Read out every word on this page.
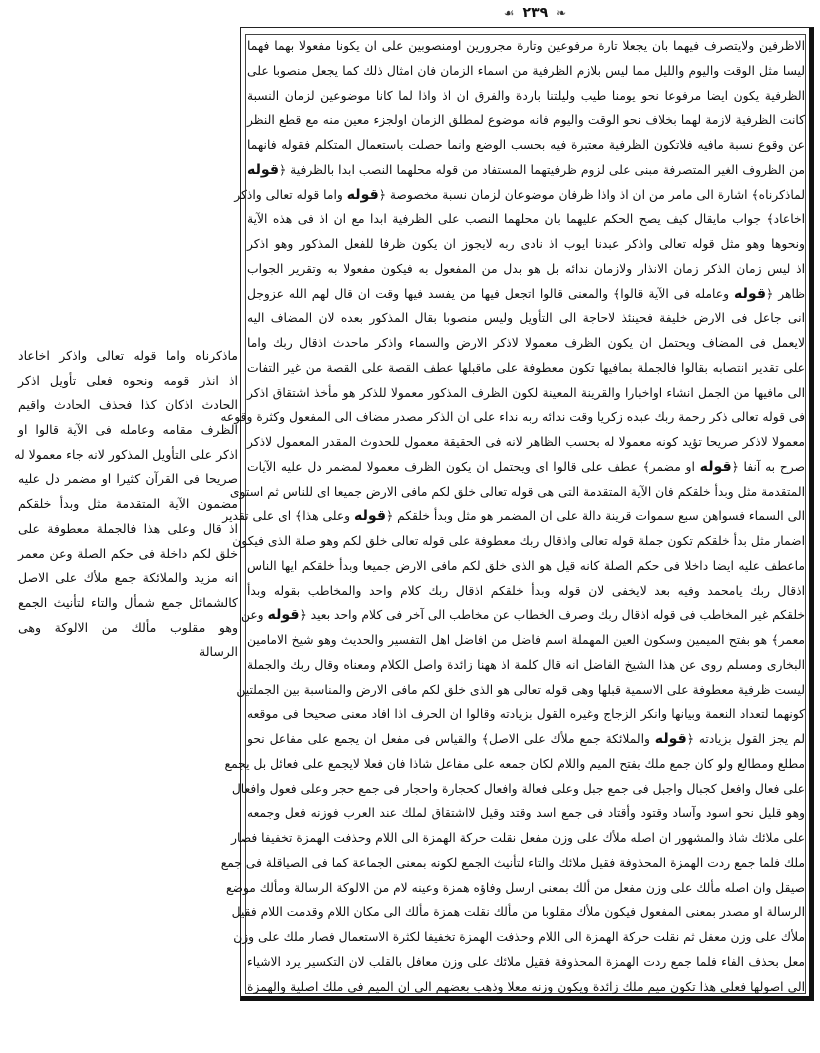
❧
٢٣٩
☙
الاظرفين ولايتصرف فيهما بان يجعلا تارة مرفوعين وتارة مجرورين اومنصوبين على ان يكونا مفعولا بهما فهما
ليسا مثل الوقت واليوم والليل مما ليس بلازم الظرفية من اسماء الزمان فان امثال ذلك كما يجعل منصوبا على
الظرفية يكون ايضا مرفوعا نحو يومنا طيب وليلتنا باردة والفرق ان اذ واذا لما كانا موضوعين لزمان النسبة
كانت الظرفية لازمة لهما بخلاف نحو الوقت واليوم فانه موضوع لمطلق الزمان اولجزء معين منه مع قطع النظر
عن وقوع نسبة مافيه فلاتكون الظرفية معتبرة فيه بحسب الوضع وانما حصلت باستعمال المتكلم فقوله فانهما
من الظروف الغير المتصرفة مبنى على لزوم ظرفيتهما المستفاد من قوله محلهما النصب ابدا بالظرفية ﴿قوله
لماذكرناه﴾ اشارة الى مامر من ان اذ واذا ظرفان موضوعان لزمان نسبة مخصوصة ﴿قوله واما قوله تعالى واذكر
اخاعاد﴾ جواب مايقال كيف يصح الحكم عليهما بان محلهما النصب على الظرفية ابدا مع ان اذ فى هذه الآية
ونحوها وهو مثل قوله تعالى واذكر عبدنا ايوب اذ نادى ربه لايجوز ان يكون ظرفا للفعل المذكور وهو اذكر
اذ ليس زمان الذكر زمان الانذار ولازمان ندائه بل هو بدل من المفعول به فيكون مفعولا به وتقرير الجواب
ظاهر ﴿قوله وعامله فى الآية قالوا﴾ والمعنى قالوا اتجعل فيها من يفسد فيها وقت ان قال لهم الله عزوجل
انى جاعل فى الارض خليفة فحينئذ لاحاجة الى التأويل وليس منصوبا بقال المذكور بعده لان المضاف اليه
لايعمل فى المضاف ويحتمل ان يكون الظرف معمولا لاذكر الارض والسماء واذكر ماحدث اذقال ربك واما
على تقدير انتصابه بقالوا فالجملة بمافيها تكون معطوفة على ماقبلها عطف القصة على القصة من غير التفات
الى مافيها من الجمل انشاء اواخبارا والقرينة المعينة لكون الظرف المذكور معمولا للذكر هو مأخذ اشتقاق اذكر
فى قوله تعالى ذكر رحمة ربك عبده زكريا وقت ندائه ربه نداء على ان الذكر مصدر مضاف الى المفعول وكثرة وقوعه
معمولا لاذكر صريحا تؤيد كونه معمولا له بحسب الظاهر لانه فى الحقيقة معمول للحدوث المقدر المعمول لاذكر
صرح به آنفا ﴿قوله او مضمر﴾ عطف على قالوا اى ويحتمل ان يكون الظرف معمولا لمضمر دل عليه الآيات
المتقدمة مثل وبدأ خلقكم فان الآية المتقدمة التى هى قوله تعالى خلق لكم مافى الارض جميعا اى للناس ثم استوى
الى السماء فسواهن سبع سموات قرينة دالة على ان المضمر هو مثل وبدأ خلقكم ﴿قوله وعلى هذا﴾ اى على تقدير
اضمار مثل بدأ خلقكم تكون جملة قوله تعالى واذقال ربك معطوفة على قوله تعالى خلق لكم وهو صلة الذى فيكون
ماعطف عليه ايضا داخلا فى حكم الصلة كانه قيل هو الذى خلق لكم مافى الارض جميعا وبدأ خلقكم ايها الناس
اذقال ربك يامحمد وفيه بعد لايخفى لان قوله وبدأ خلقكم اذقال ربك كلام واحد والمخاطب بقوله وبدأ
خلقكم غير المخاطب فى قوله اذقال ربك وصرف الخطاب عن مخاطب الى آخر فى كلام واحد بعيد ﴿قوله وعن
معمر﴾ هو بفتح الميمين وسكون العين المهملة اسم فاضل من افاضل اهل التفسير والحديث وهو شيخ الامامين
البخارى ومسلم روى عن هذا الشيخ الفاضل انه قال كلمة اذ ههنا زائدة واصل الكلام ومعناه وقال ربك والجملة
ليست ظرفية معطوفة على الاسمية قبلها وهى قوله تعالى هو الذى خلق لكم مافى الارض والمناسبة بين الجملتين
كونهما لتعداد النعمة وبيانها وانكر الزجاج وغيره القول بزيادته وقالوا ان الحرف اذا افاد معنى صحيحا فى موقعه
لم يجز القول بزيادته ﴿قوله والملائكة جمع ملأك على الاصل﴾ والقياس فى مفعل ان يجمع على مفاعل نحو
مطلع ومطالع ولو كان جمع ملك بفتح الميم واللام لكان جمعه على مفاعل شاذا فان فعلا لايجمع على فعائل بل يجمع
على فعال وافعل كجبال واجبل فى جمع جبل وعلى فعالة وافعال كحجارة واحجار فى جمع حجر وعلى فعول وافعال
وهو قليل نحو اسود وآساد وقتود وأقتاد فى جمع اسد وقتد وقيل لااشتقاق لملك عند العرب فوزنه فعل وجمعه
على ملائك شاذ والمشهور ان اصله ملأك على وزن مفعل نقلت حركة الهمزة الى اللام وحذفت الهمزة تخفيفا فصار
ملك فلما جمع ردت الهمزة المحذوفة فقيل ملائك والتاء لتأنيث الجمع لكونه بمعنى الجماعة كما فى الصياقلة فى جمع
صيقل وان اصله مألك على وزن مفعل من ألك بمعنى ارسل وفاؤه همزة وعينه لام من الالوكة الرسالة ومألك موضع
الرسالة او مصدر بمعنى المفعول فيكون ملأك مقلوبا من مألك نقلت همزة مألك الى مكان اللام وقدمت اللام فقيل
ملأك على وزن معفل ثم نقلت حركة الهمزة الى اللام وحذفت الهمزة تخفيفا لكثرة الاستعمال فصار ملك على وزن
معل بحذف الفاء فلما جمع ردت الهمزة المحذوفة فقيل ملائك على وزن معافل بالقلب لان التكسير يرد الاشياء
الى اصولها فعلى هذا تكون ميم ملك زائدة ويكون وزنه معلا وذهب بعضهم الى ان الميم فى ملك اصلية والهمزة
ماذكرناه واما قوله تعالى واذكر اخاعاد
اذ انذر قومه ونحوه فعلى تأويل اذكر
الحادث اذكان كذا فحذف الحادث واقيم
الظرف مقامه وعامله فى الآية قالوا او
اذكر على التأويل المذكور لانه جاء معمولا له
صريحا فى القرآن كثيرا او مضمر دل عليه
مضمون الآية المتقدمة مثل وبدأ خلقكم
اذ قال وعلى هذا فالجملة معطوفة على
خلق لكم داخلة فى حكم الصلة وعن معمر
انه مزيد والملائكة جمع ملأك على الاصل
كالشمائل جمع شمأل والتاء لتأنيث الجمع
وهو مقلوب مألك من الالوكة وهى
الرسالة
